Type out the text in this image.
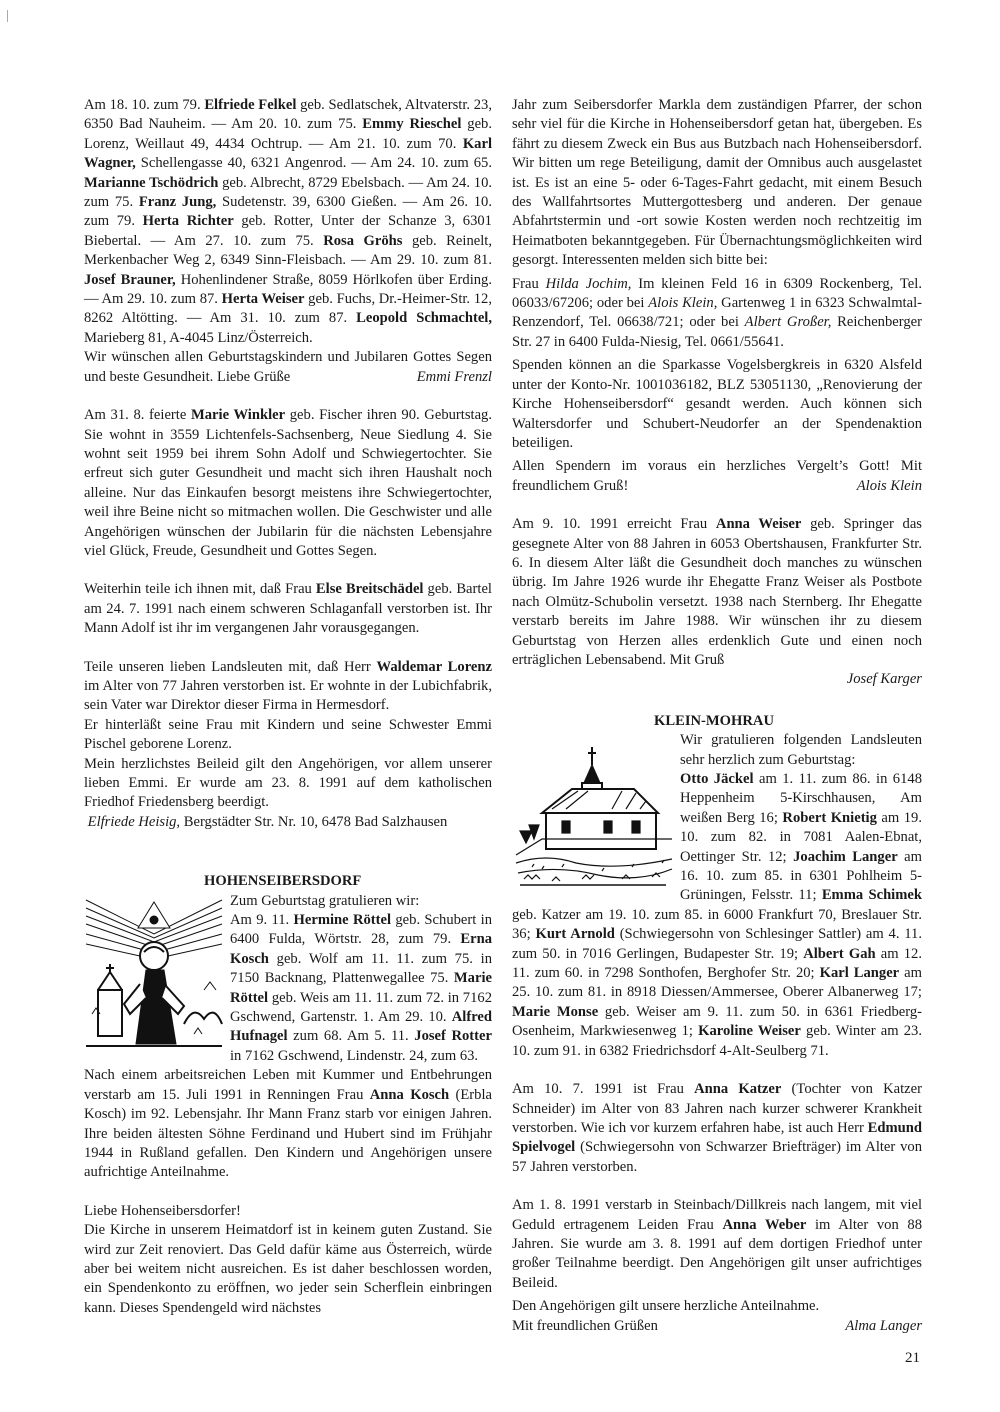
Am 18. 10. zum 79. Elfriede Felkel geb. Sedlatschek, Altvaterstr. 23, 6350 Bad Nauheim. — Am 20. 10. zum 75. Emmy Rieschel geb. Lorenz, Weillaut 49, 4434 Ochtrup. — Am 21. 10. zum 70. Karl Wagner, Schellengasse 40, 6321 Angenrod. — Am 24. 10. zum 65. Marianne Tschödrich geb. Albrecht, 8729 Ebelsbach. — Am 24. 10. zum 75. Franz Jung, Sudetenstr. 39, 6300 Gießen. — Am 26. 10. zum 79. Herta Richter geb. Rotter, Unter der Schanze 3, 6301 Biebertal. — Am 27. 10. zum 75. Rosa Gröhs geb. Reinelt, Merkenbacher Weg 2, 6349 Sinn-Fleisbach. — Am 29. 10. zum 81. Josef Brauner, Hohenlindener Straße, 8059 Hörlkofen über Erding. — Am 29. 10. zum 87. Herta Weiser geb. Fuchs, Dr.-Heimer-Str. 12, 8262 Altötting. — Am 31. 10. zum 87. Leopold Schmachtel, Marieberg 81, A-4045 Linz/Österreich.

Wir wünschen allen Geburtstagskindern und Jubilaren Gottes Segen und beste Gesundheit. Liebe Grüße	Emmi Frenzl

Am 31. 8. feierte Marie Winkler geb. Fischer ihren 90. Geburtstag. Sie wohnt in 3559 Lichtenfels-Sachsenberg, Neue Siedlung 4. Sie wohnt seit 1959 bei ihrem Sohn Adolf und Schwiegertochter. Sie erfreut sich guter Gesundheit und macht sich ihren Haushalt noch alleine. Nur das Einkaufen besorgt meistens ihre Schwiegertochter, weil ihre Beine nicht so mitmachen wollen. Die Geschwister und alle Angehörigen wünschen der Jubilarin für die nächsten Lebensjahre viel Glück, Freude, Gesundheit und Gottes Segen.

Weiterhin teile ich ihnen mit, daß Frau Else Breitschädel geb. Bartel am 24. 7. 1991 nach einem schweren Schlaganfall verstorben ist. Ihr Mann Adolf ist ihr im vergangenen Jahr vorausgegangen.

Teile unseren lieben Landsleuten mit, daß Herr Waldemar Lorenz im Alter von 77 Jahren verstorben ist. Er wohnte in der Lubichfabrik, sein Vater war Direktor dieser Firma in Hermesdorf.

Er hinterläßt seine Frau mit Kindern und seine Schwester Emmi Pischel geborene Lorenz.

Mein herzlichstes Beileid gilt den Angehörigen, vor allem unserer lieben Emmi. Er wurde am 23. 8. 1991 auf dem katholischen Friedhof Friedensberg beerdigt.

Elfriede Heisig, Bergstädter Str. Nr. 10, 6478 Bad Salzhausen

HOHENSEIBERSDORF

Zum Geburtstag gratulieren wir:

Am 9. 11. Hermine Röttel geb. Schubert in 6400 Fulda, Wörtstr. 28, zum 79. Erna Kosch geb. Wolf am 11. 11. zum 75. in 7150 Backnang, Plattenwegallee 75. Marie Röttel geb. Weis am 11. 11. zum 72. in 7162 Gschwend, Gartenstr. 1. Am 29. 10. Alfred Hufnagel zum 68. Am 5. 11. Josef Rotter in 7162 Gschwend, Lindenstr. 24, zum 63.

Nach einem arbeitsreichen Leben mit Kummer und Entbehrungen verstarb am 15. Juli 1991 in Renningen Frau Anna Kosch (Erbla Kosch) im 92. Lebensjahr. Ihr Mann Franz starb vor einigen Jahren. Ihre beiden ältesten Söhne Ferdinand und Hubert sind im Frühjahr 1944 in Rußland gefallen. Den Kindern und Angehörigen unsere aufrichtige Anteilnahme.

Liebe Hohenseibersdorfer!

Die Kirche in unserem Heimatdorf ist in keinem guten Zustand. Sie wird zur Zeit renoviert. Das Geld dafür käme aus Österreich, würde aber bei weitem nicht ausreichen. Es ist daher beschlossen worden, ein Spendenkonto zu eröffnen, wo jeder sein Scherflein einbringen kann. Dieses Spendengeld wird nächstes

Jahr zum Seibersdorfer Markla dem zuständigen Pfarrer, der schon sehr viel für die Kirche in Hohenseibersdorf getan hat, übergeben. Es fährt zu diesem Zweck ein Bus aus Butzbach nach Hohenseibersdorf. Wir bitten um rege Beteiligung, damit der Omnibus auch ausgelastet ist. Es ist an eine 5- oder 6-Tages-Fahrt gedacht, mit einem Besuch des Wallfahrtsortes Muttergottesberg und anderen. Der genaue Abfahrtstermin und -ort sowie Kosten werden noch rechtzeitig im Heimatboten bekanntgegeben. Für Übernachtungsmöglichkeiten wird gesorgt. Interessenten melden sich bitte bei:

Frau Hilda Jochim, Im kleinen Feld 16 in 6309 Rockenberg, Tel. 06033/67206; oder bei Alois Klein, Gartenweg 1 in 6323 Schwalmtal-Renzendorf, Tel. 06638/721; oder bei Albert Großer, Reichenberger Str. 27 in 6400 Fulda-Niesig, Tel. 0661/55641.

Spenden können an die Sparkasse Vogelsbergkreis in 6320 Alsfeld unter der Konto-Nr. 1001036182, BLZ 53051130, „Renovierung der Kirche Hohenseibersdorf“ gesandt werden. Auch können sich Waltersdorfer und Schubert-Neudorfer an der Spendenaktion beteiligen.

Allen Spendern im voraus ein herzliches Vergelt’s Gott! Mit freundlichem Gruß!	Alois Klein

Am 9. 10. 1991 erreicht Frau Anna Weiser geb. Springer das gesegnete Alter von 88 Jahren in 6053 Obertshausen, Frankfurter Str. 6. In diesem Alter läßt die Gesundheit doch manches zu wünschen übrig. Im Jahre 1926 wurde ihr Ehegatte Franz Weiser als Postbote nach Olmütz-Schubolin versetzt. 1938 nach Sternberg. Ihr Ehegatte verstarb bereits im Jahre 1988. Wir wünschen ihr zu diesem Geburtstag von Herzen alles erdenklich Gute und einen noch erträglichen Lebensabend. Mit Gruß

Josef Karger

KLEIN-MOHRAU

Wir gratulieren folgenden Landsleuten sehr herzlich zum Geburtstag:

Otto Jäckel am 1. 11. zum 86. in 6148 Heppenheim 5-Kirschhausen, Am weißen Berg 16; Robert Knietig am 19. 10. zum 82. in 7081 Aalen-Ebnat, Oettinger Str. 12; Joachim Langer am 16. 10. zum 85. in 6301 Pohlheim 5-Grüningen, Felsstr. 11; Emma Schimek geb. Katzer am 19. 10. zum 85. in 6000 Frankfurt 70, Breslauer Str. 36; Kurt Arnold (Schwiegersohn von Schlesinger Sattler) am 4. 11. zum 50. in 7016 Gerlingen, Budapester Str. 19; Albert Gah am 12. 11. zum 60. in 7298 Sonthofen, Berghofer Str. 20; Karl Langer am 25. 10. zum 81. in 8918 Diessen/Ammersee, Oberer Albanerweg 17; Marie Monse geb. Weiser am 9. 11. zum 50. in 6361 Friedberg-Osenheim, Markwiesenweg 1; Karoline Weiser geb. Winter am 23. 10. zum 91. in 6382 Friedrichsdorf 4-Alt-Seulberg 71.

Am 10. 7. 1991 ist Frau Anna Katzer (Tochter von Katzer Schneider) im Alter von 83 Jahren nach kurzer schwerer Krankheit verstorben. Wie ich vor kurzem erfahren habe, ist auch Herr Edmund Spielvogel (Schwiegersohn von Schwarzer Briefträger) im Alter von 57 Jahren verstorben.

Am 1. 8. 1991 verstarb in Steinbach/Dillkreis nach langem, mit viel Geduld ertragenem Leiden Frau Anna Weber im Alter von 88 Jahren. Sie wurde am 3. 8. 1991 auf dem dortigen Friedhof unter großer Teilnahme beerdigt. Den Angehörigen gilt unser aufrichtiges Beileid.

Den Angehörigen gilt unsere herzliche Anteilnahme.

Mit freundlichen Grüßen	Alma Langer

21
